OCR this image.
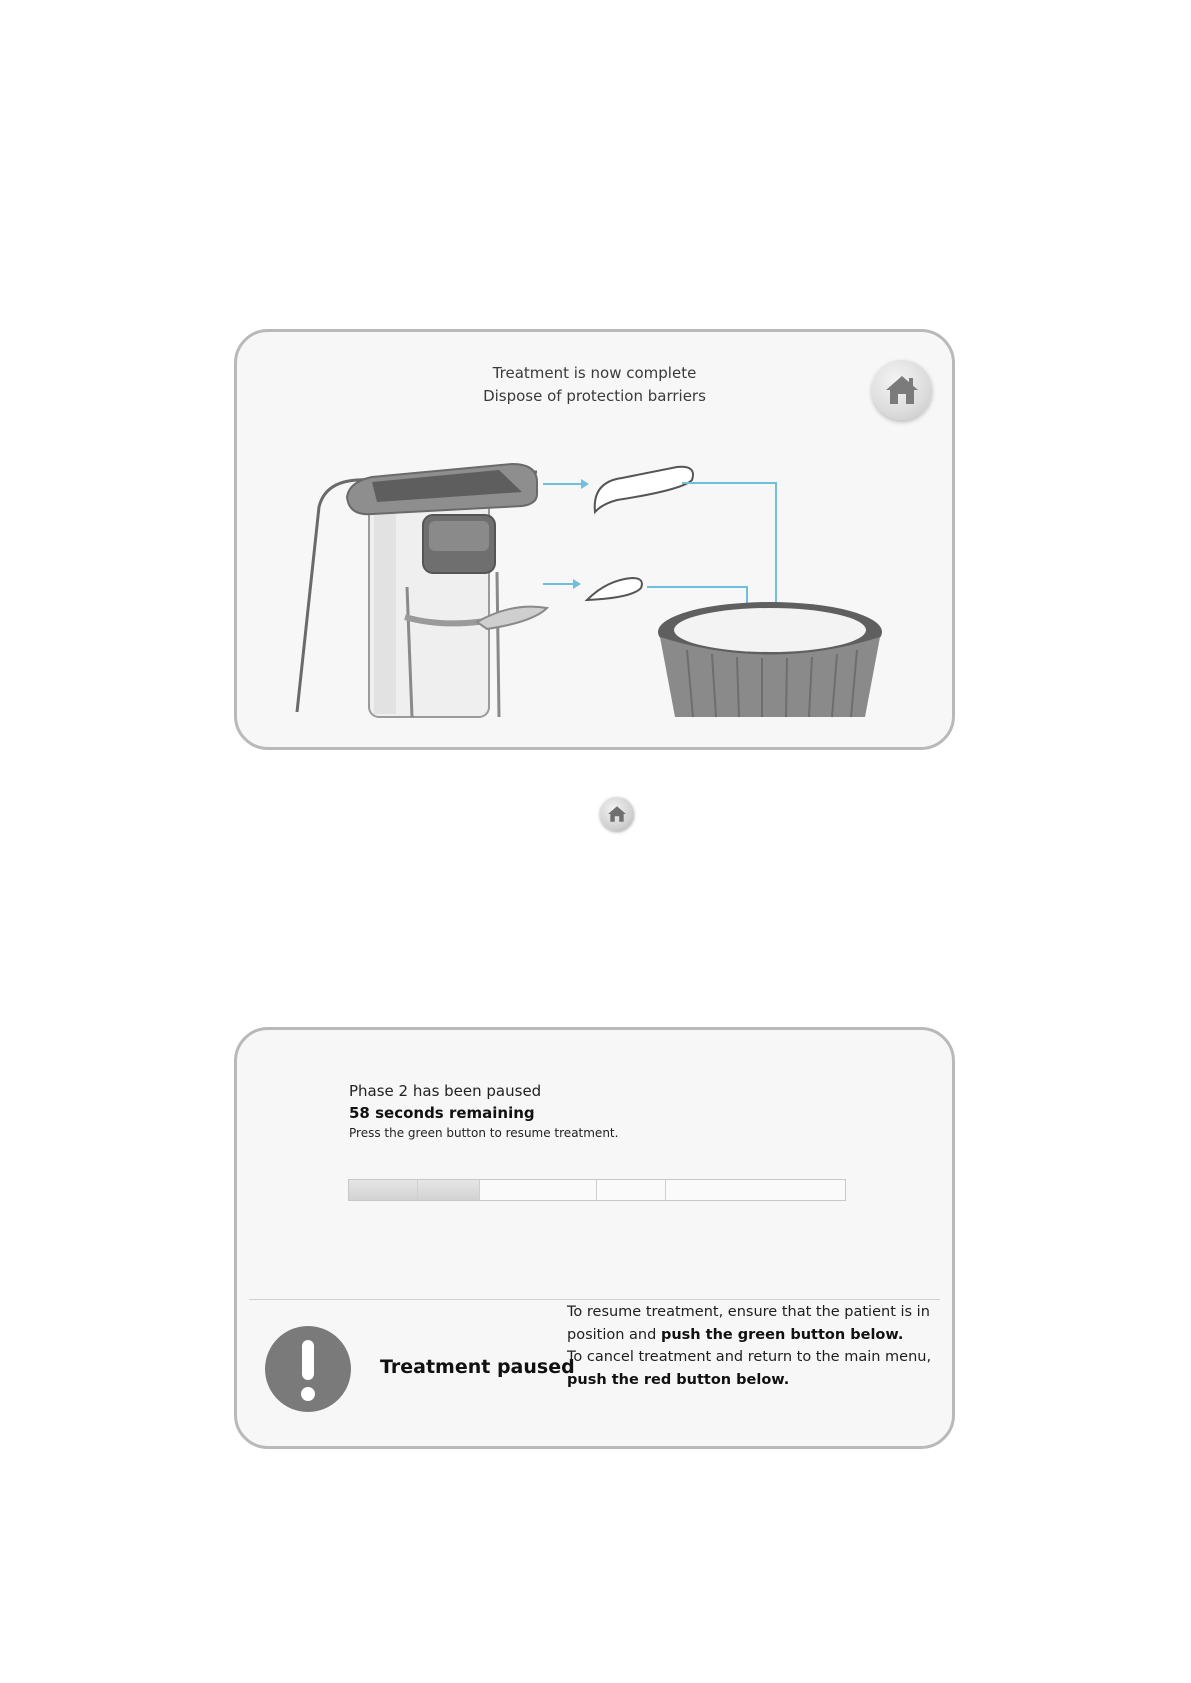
Treatment is now complete
Dispose of protection barriers
Phase 2 has been paused
58 seconds remaining
Press the green button to resume treatment.
Treatment paused
To resume treatment, ensure that the patient is in position and push the green button below.
To cancel treatment and return to the main menu, push the red button below.
